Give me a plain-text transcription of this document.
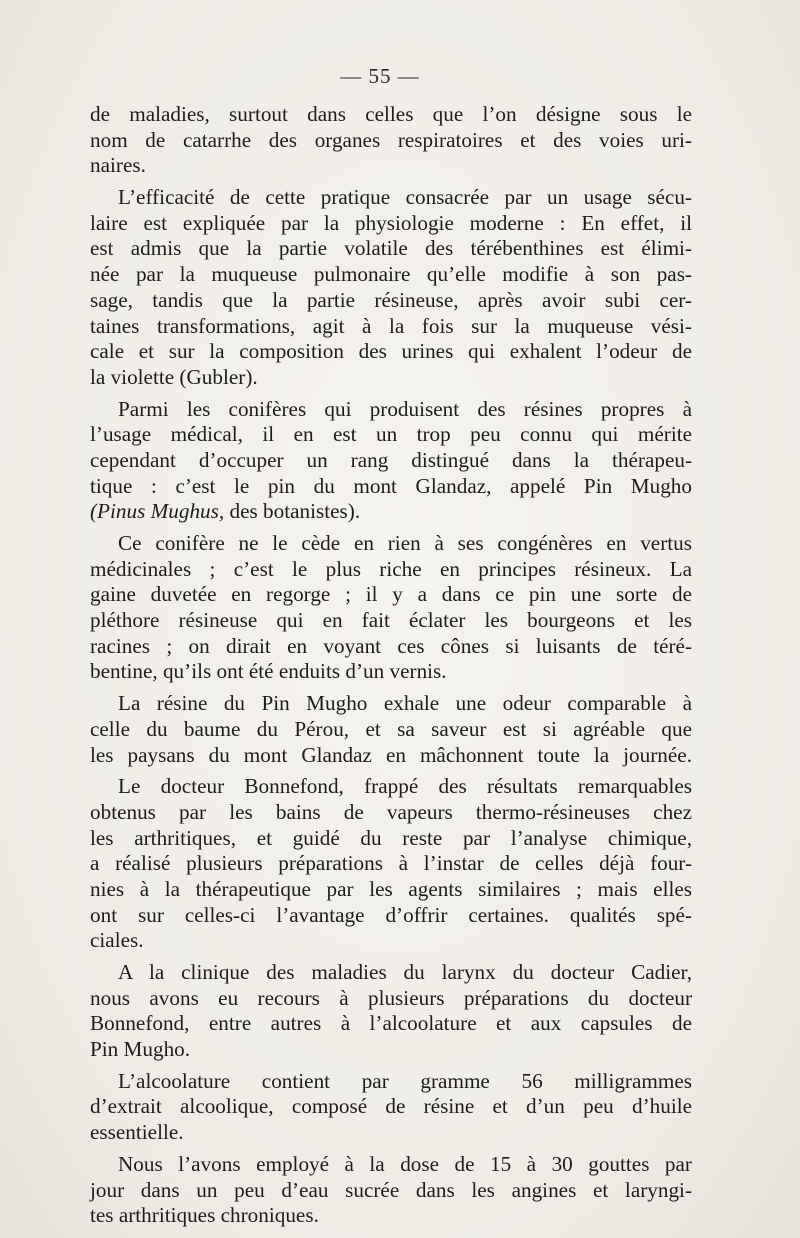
— 55 —
de maladies, surtout dans celles que l’on désigne sous le
nom de catarrhe des organes respiratoires et des voies uri-
naires.
L’efficacité de cette pratique consacrée par un usage sécu-
laire est expliquée par la physiologie moderne : En effet, il
est admis que la partie volatile des térébenthines est élimi-
née par la muqueuse pulmonaire qu’elle modifie à son pas-
sage, tandis que la partie résineuse, après avoir subi cer-
taines transformations, agit à la fois sur la muqueuse vési-
cale et sur la composition des urines qui exhalent l’odeur de
la violette (Gubler).
Parmi les conifères qui produisent des résines propres à
l’usage médical, il en est un trop peu connu qui mérite
cependant d’occuper un rang distingué dans la thérapeu-
tique : c’est le pin du mont Glandaz, appelé Pin Mugho
(Pinus Mughus, des botanistes).
Ce conifère ne le cède en rien à ses congénères en vertus
médicinales ; c’est le plus riche en principes résineux. La
gaine duvetée en regorge ; il y a dans ce pin une sorte de
pléthore résineuse qui en fait éclater les bourgeons et les
racines ; on dirait en voyant ces cônes si luisants de téré-
bentine, qu’ils ont été enduits d’un vernis.
La résine du Pin Mugho exhale une odeur comparable à
celle du baume du Pérou, et sa saveur est si agréable que
les paysans du mont Glandaz en mâchonnent toute la journée.
Le docteur Bonnefond, frappé des résultats remarquables
obtenus par les bains de vapeurs thermo-résineuses chez
les arthritiques, et guidé du reste par l’analyse chimique,
a réalisé plusieurs préparations à l’instar de celles déjà four-
nies à la thérapeutique par les agents similaires ; mais elles
ont sur celles-ci l’avantage d’offrir certaines. qualités spé-
ciales.
A la clinique des maladies du larynx du docteur Cadier,
nous avons eu recours à plusieurs préparations du docteur
Bonnefond, entre autres à l’alcoolature et aux capsules de
Pin Mugho.
L’alcoolature contient par gramme 56 milligrammes
d’extrait alcoolique, composé de résine et d’un peu d’huile
essentielle.
Nous l’avons employé à la dose de 15 à 30 gouttes par
jour dans un peu d’eau sucrée dans les angines et laryngi-
tes arthritiques chroniques.
